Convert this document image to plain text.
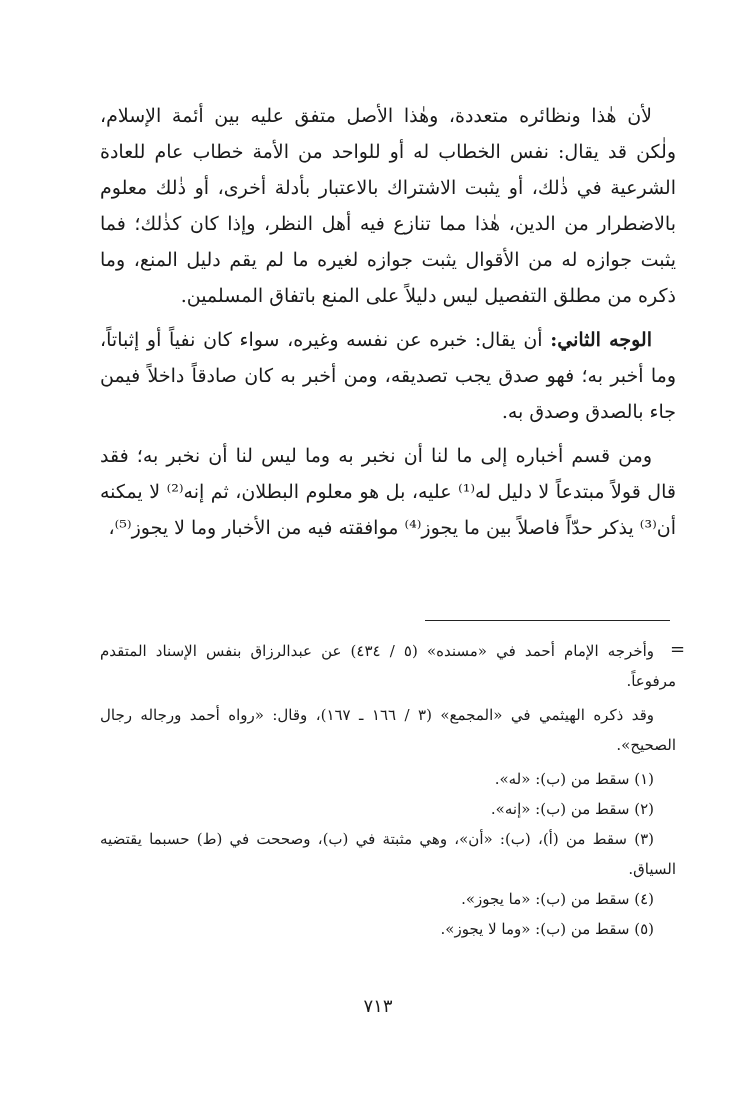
لأن هٰذا ونظائره متعددة، وهٰذا الأصل متفق عليه بين أئمة الإسلام، ولٰكن قد يقال: نفس الخطاب له أو للواحد من الأمة خطاب عام للعادة الشرعية في ذٰلك، أو يثبت الاشتراك بالاعتبار بأدلة أخرى، أو ذٰلك معلوم بالاضطرار من الدين، هٰذا مما تنازع فيه أهل النظر، وإذا كان كذٰلك؛ فما يثبت جوازه له من الأقوال يثبت جوازه لغيره ما لم يقم دليل المنع، وما ذكره من مطلق التفصيل ليس دليلاً على المنع باتفاق المسلمين.

الوجه الثاني: أن يقال: خبره عن نفسه وغيره، سواء كان نفياً أو إثباتاً، وما أخبر به؛ فهو صدق يجب تصديقه، ومن أخبر به كان صادقاً داخلاً فيمن جاء بالصدق وصدق به.

ومن قسم أخباره إلى ما لنا أن نخبر به وما ليس لنا أن نخبر به؛ فقد قال قولاً مبتدعاً لا دليل له⁽¹⁾ عليه، بل هو معلوم البطلان، ثم إنه⁽²⁾ لا يمكنه أن⁽³⁾ يذكر حدّاً فاصلاً بين ما يجوز⁽⁴⁾ موافقته فيه من الأخبار وما لا يجوز⁽⁵⁾،

=

وأخرجه الإمام أحمد في «مسنده» (٥ / ٤٣٤) عن عبدالرزاق بنفس الإسناد المتقدم مرفوعاً.

وقد ذكره الهيثمي في «المجمع» (٣ / ١٦٦ ـ ١٦٧)، وقال: «رواه أحمد ورجاله رجال الصحيح».

(١) سقط من (ب): «له».

(٢) سقط من (ب): «إنه».

(٣) سقط من (أ)، (ب): «أن»، وهي مثبتة في (ب)، وصححت في (ط) حسبما يقتضيه السياق.

(٤) سقط من (ب): «ما يجوز».

(٥) سقط من (ب): «وما لا يجوز».

٧١٣
